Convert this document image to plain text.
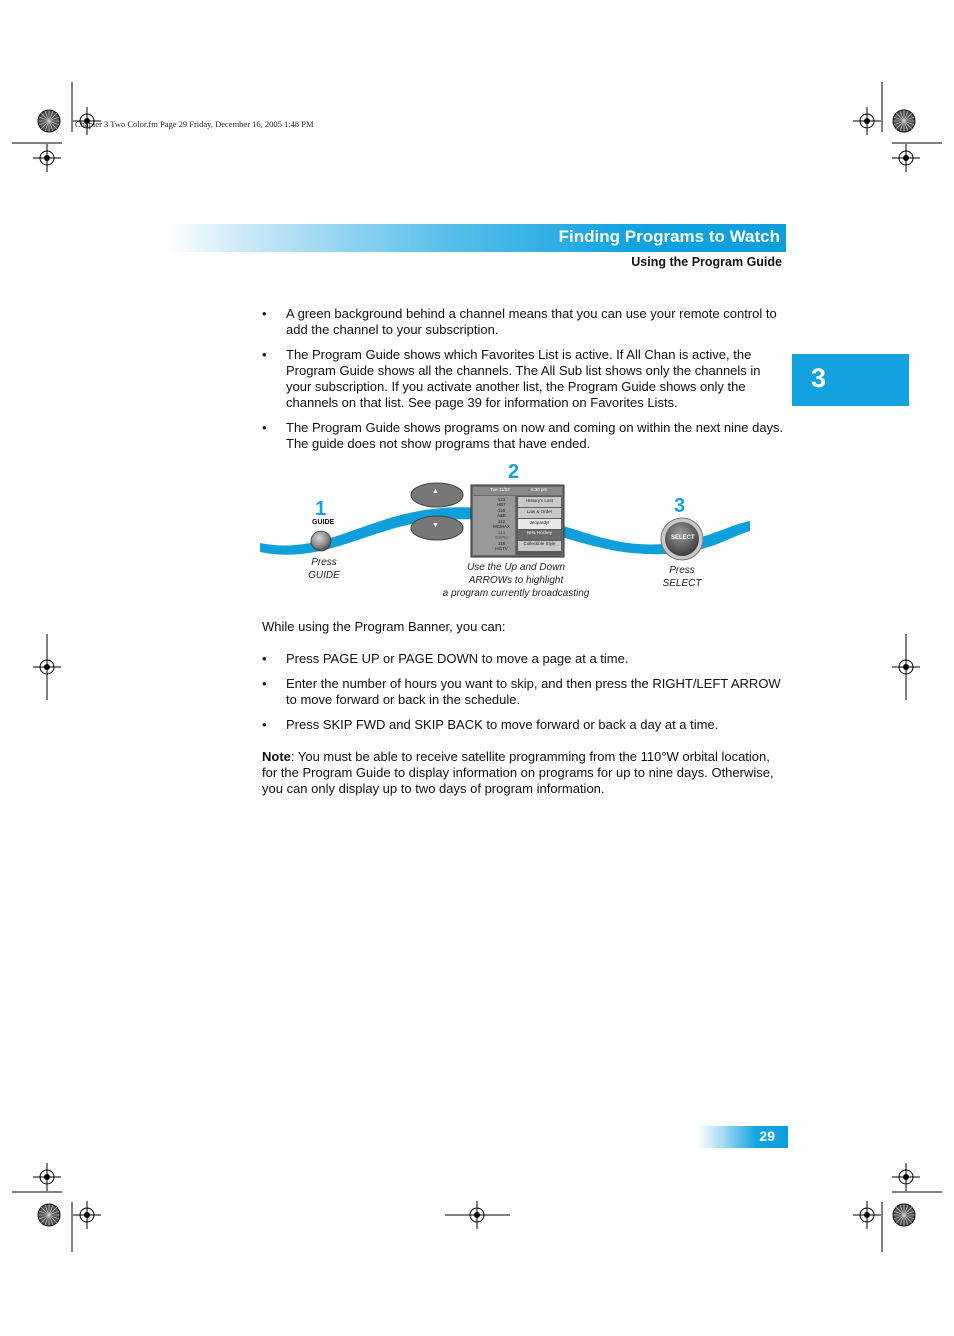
Chapter 3 Two Color.fm Page 29 Friday, December 16, 2005 1:48 PM
Finding Programs to Watch
Using the Program Guide
3
• A green background behind a channel means that you can use your remote control to add the channel to your subscription.
• The Program Guide shows which Favorites List is active. If All Chan is active, the Program Guide shows all the channels. The All Sub list shows only the channels in your subscription. If you activate another list, the Program Guide shows only the channels on that list. See page 39 for information on Favorites Lists.
• The Program Guide shows programs on now and coming on within the next nine days. The guide does not show programs that have ended.
1
GUIDE
2
3
SELECT
▲
▼
Tue 11/22	6:30 pm
123 HBT
History's Lost
115 A&E
Law & Order
112 MCMAX
Jeopardy!
114 ESPN
NHL Hockey
118 HGTV
Collectible Style
Press
GUIDE
Use the Up and Down
ARROWs to highlight
a program currently broadcasting
Press
SELECT
While using the Program Banner, you can:
• Press PAGE UP or PAGE DOWN to move a page at a time.
• Enter the number of hours you want to skip, and then press the RIGHT/LEFT ARROW to move forward or back in the schedule.
• Press SKIP FWD and SKIP BACK to move forward or back a day at a time.
Note: You must be able to receive satellite programming from the 110°W orbital location, for the Program Guide to display information on programs for up to nine days. Otherwise, you can only display up to two days of program information.
29
